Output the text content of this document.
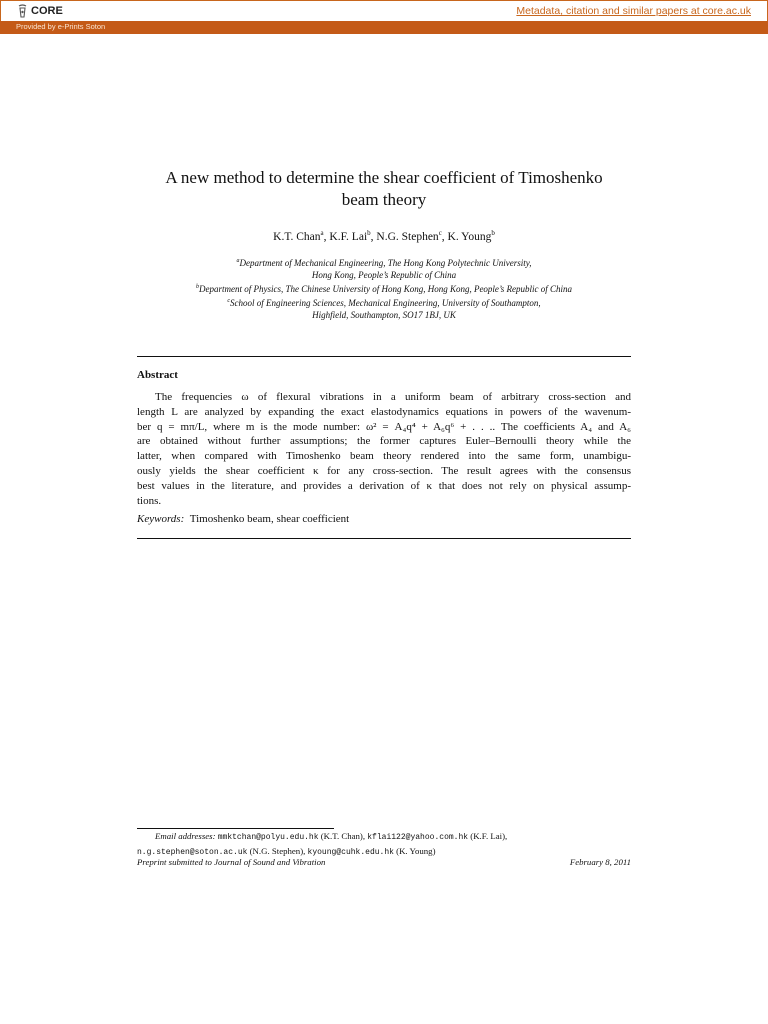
CORE	Metadata, citation and similar papers at core.ac.uk
Provided by e-Prints Soton
A new method to determine the shear coefficient of Timoshenko
beam theory
K.T. Chan$^a$, K.F. Lai$^b$, N.G. Stephen$^c$, K. Young$^b$
$^a$Department of Mechanical Engineering, The Hong Kong Polytechnic University,
Hong Kong, People’s Republic of China
$^b$Department of Physics, The Chinese University of Hong Kong, Hong Kong, People’s Republic of China
$^c$School of Engineering Sciences, Mechanical Engineering, University of Southampton,
Highfield, Southampton, SO17 1BJ, UK
Abstract
The frequencies ω of flexural vibrations in a uniform beam of arbitrary cross-section and
length L are analyzed by expanding the exact elastodynamics equations in powers of the wavenum-
ber q = mπ/L, where m is the mode number: ω² = A₄q⁴ + A₆q⁶ + . . .. The coefficients A₄ and A₆
are obtained without further assumptions; the former captures Euler–Bernoulli theory while the
latter, when compared with Timoshenko beam theory rendered into the same form, unambigu-
ously yields the shear coefficient κ for any cross-section. The result agrees with the consensus
best values in the literature, and provides a derivation of κ that does not rely on physical assump-
tions.
Keywords: Timoshenko beam, shear coefficient
Email addresses: mmktchan@polyu.edu.hk (K.T. Chan), kflai122@yahoo.com.hk (K.F. Lai),
n.g.stephen@soton.ac.uk (N.G. Stephen), kyoung@cuhk.edu.hk (K. Young)
Preprint submitted to Journal of Sound and Vibration	February 8, 2011
